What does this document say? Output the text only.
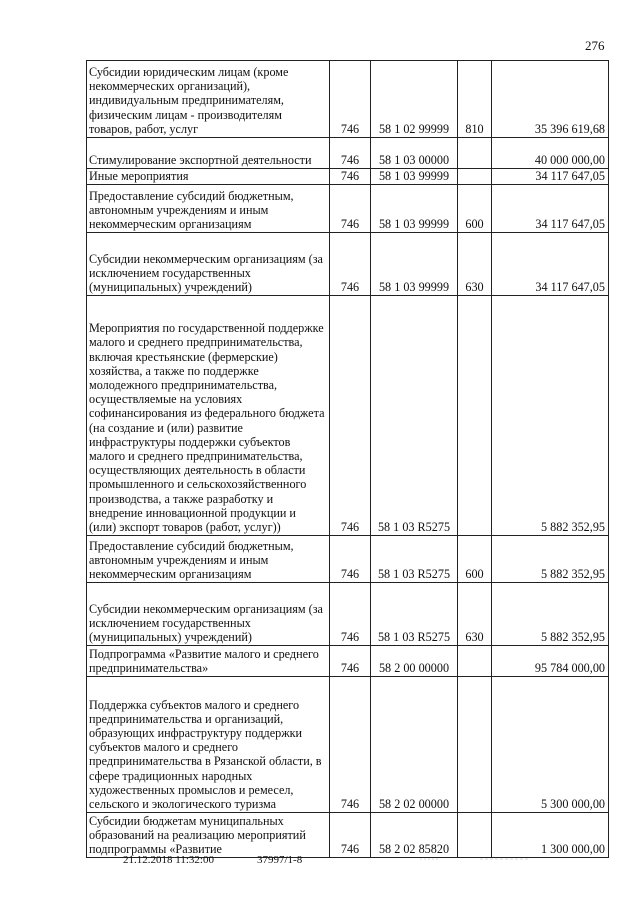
276
Субсидии юридическим лицам (кроме некоммерческих организаций), индивидуальным предпринимателям, физическим лицам - производителям товаров, работ, услуг	746	58 1 02 99999	810	35 396 619,68
Стимулирование экспортной деятельности	746	58 1 03 00000		40 000 000,00
Иные мероприятия	746	58 1 03 99999		34 117 647,05
Предоставление субсидий бюджетным, автономным учреждениям и иным некоммерческим организациям	746	58 1 03 99999	600	34 117 647,05
Субсидии некоммерческим организациям (за исключением государственных (муниципальных) учреждений)	746	58 1 03 99999	630	34 117 647,05
Мероприятия по государственной поддержке малого и среднего предпринимательства, включая крестьянские (фермерские) хозяйства, а также по поддержке молодежного предпринимательства, осуществляемые на условиях софинансирования из федерального бюджета (на создание и (или) развитие инфраструктуры поддержки субъектов малого и среднего предпринимательства, осуществляющих деятельность в области промышленного и сельскохозяйственного производства, а также разработку и внедрение инновационной продукции и (или) экспорт товаров (работ, услуг))	746	58 1 03 R5275		5 882 352,95
Предоставление субсидий бюджетным, автономным учреждениям и иным некоммерческим организациям	746	58 1 03 R5275	600	5 882 352,95
Субсидии некоммерческим организациям (за исключением государственных (муниципальных) учреждений)	746	58 1 03 R5275	630	5 882 352,95
Подпрограмма «Развитие малого и среднего предпринимательства»	746	58 2 00 00000		95 784 000,00
Поддержка субъектов малого и среднего предпринимательства и организаций, образующих инфраструктуру поддержки субъектов малого и среднего предпринимательства в Рязанской области, в сфере традиционных народных художественных промыслов и ремесел, сельского и экологического туризма	746	58 2 02 00000		5 300 000,00
Субсидии бюджетам муниципальных образований на реализацию мероприятий подпрограммы «Развитие	746	58 2 02 85820		1 300 000,00
21.12.2018 11:32:00	37997/1-8
